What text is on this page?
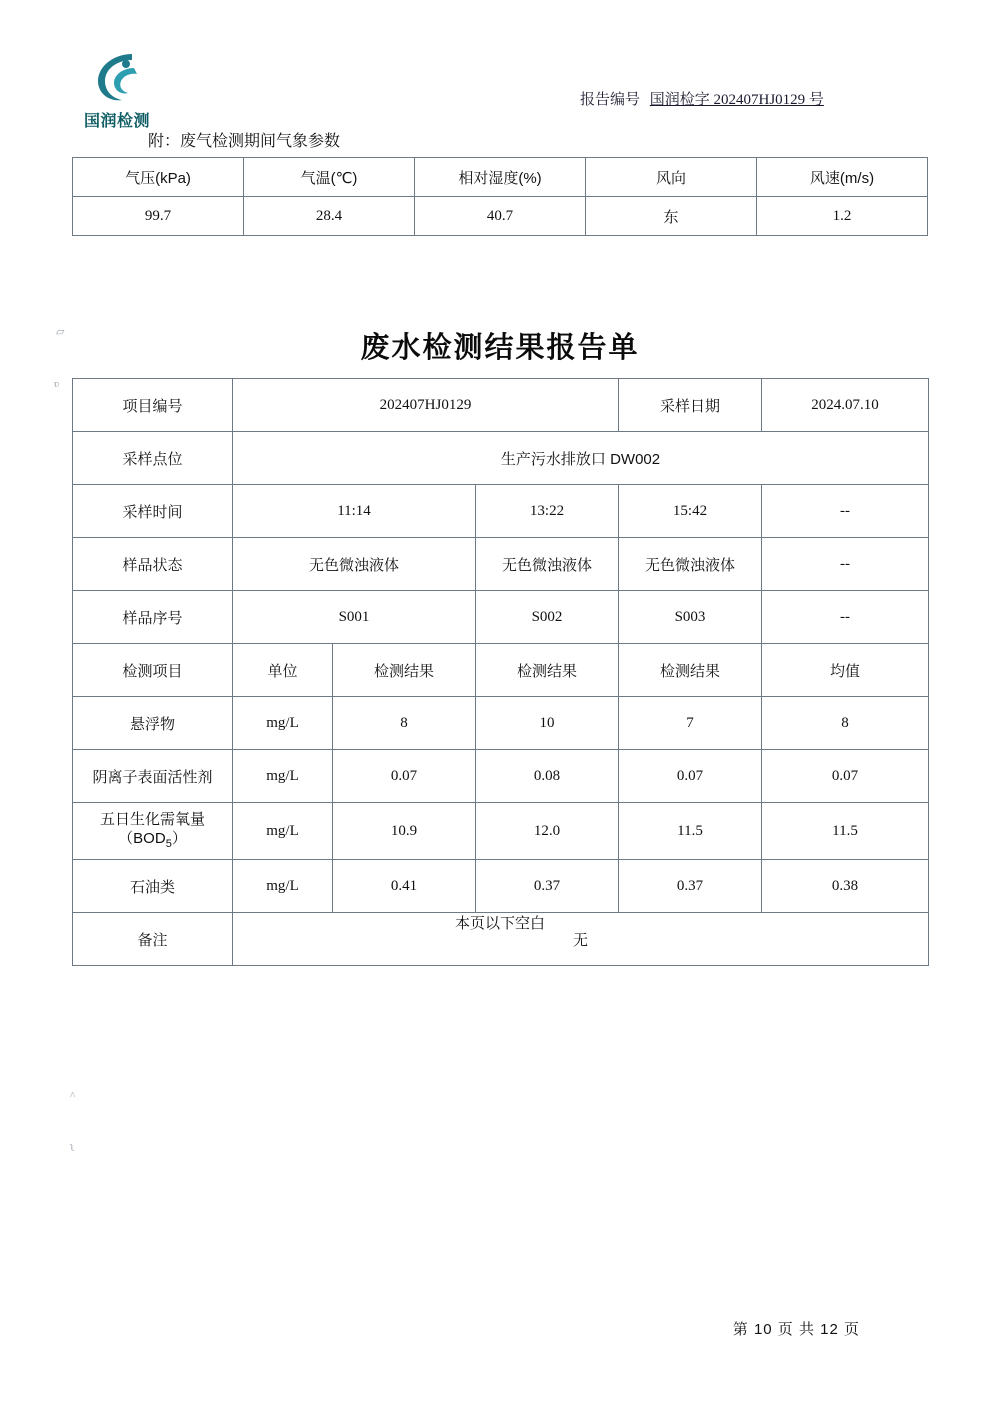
国润检测
报告编号 国润检字 202407HJ0129 号
附：废气检测期间气象参数
气压(kPa)	气温(℃)	相对湿度(%)	风向	风速(m/s)
99.7	28.4	40.7	东	1.2
废水检测结果报告单
项目编号	202407HJ0129			采样日期	2024.07.10
采样点位	生产污水排放口 DW002				
采样时间	11:14		13:22	15:42	--
样品状态	无色微浊液体		无色微浊液体	无色微浊液体	--
样品序号	S001		S002	S003	--
检测项目	单位	检测结果	检测结果	检测结果	均值
悬浮物	mg/L	8	10	7	8
阴离子表面活性剂	mg/L	0.07	0.08	0.07	0.07

五日生化需氧量
$(BOD_5)$	mg/L	10.9	12.0	11.5	11.5
石油类	mg/L	0.41	0.37	0.37	0.38
备注	无				
本页以下空白
第 10 页 共 12 页
▱
ʋ
^
ʅ
